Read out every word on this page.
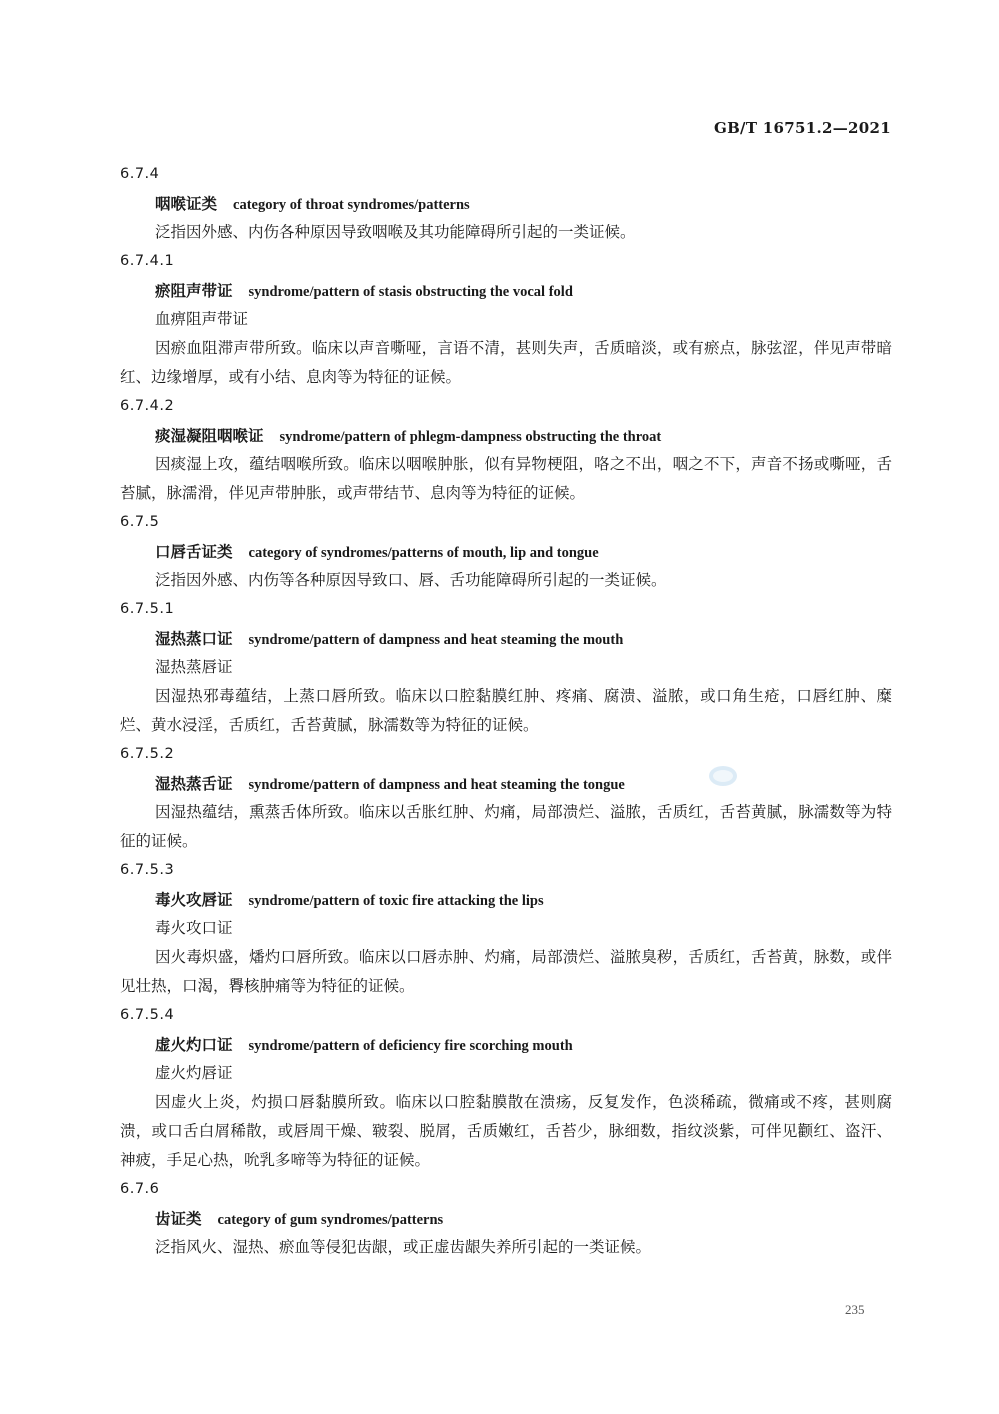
GB/T 16751.2—2021
6.7.4
咽喉证类 category of throat syndromes/patterns

泛指因外感、内伤各种原因导致咽喉及其功能障碍所引起的一类证候。

6.7.4.1
瘀阻声带证 syndrome/pattern of stasis obstructing the vocal fold
血痹阻声带证

因瘀血阻滞声带所致。临床以声音嘶哑，言语不清，甚则失声，舌质暗淡，或有瘀点，脉弦涩，伴见声带暗红、边缘增厚，或有小结、息肉等为特征的证候。

6.7.4.2
痰湿凝阻咽喉证 syndrome/pattern of phlegm-dampness obstructing the throat

因痰湿上攻，蕴结咽喉所致。临床以咽喉肿胀，似有异物梗阻，咯之不出，咽之不下，声音不扬或嘶哑，舌苔腻，脉濡滑，伴见声带肿胀，或声带结节、息肉等为特征的证候。

6.7.5
口唇舌证类 category of syndromes/patterns of mouth, lip and tongue

泛指因外感、内伤等各种原因导致口、唇、舌功能障碍所引起的一类证候。

6.7.5.1
湿热蒸口证 syndrome/pattern of dampness and heat steaming the mouth
湿热蒸唇证

因湿热邪毒蕴结，上蒸口唇所致。临床以口腔黏膜红肿、疼痛、腐溃、溢脓，或口角生疮，口唇红肿、糜烂、黄水浸淫，舌质红，舌苔黄腻，脉濡数等为特征的证候。

6.7.5.2
湿热蒸舌证 syndrome/pattern of dampness and heat steaming the tongue

因湿热蕴结，熏蒸舌体所致。临床以舌胀红肿、灼痛，局部溃烂、溢脓，舌质红，舌苔黄腻，脉濡数等为特征的证候。

6.7.5.3
毒火攻唇证 syndrome/pattern of toxic fire attacking the lips
毒火攻口证

因火毒炽盛，燔灼口唇所致。临床以口唇赤肿、灼痛，局部溃烂、溢脓臭秽，舌质红，舌苔黄，脉数，或伴见壮热，口渴，臖核肿痛等为特征的证候。

6.7.5.4
虚火灼口证 syndrome/pattern of deficiency fire scorching mouth
虚火灼唇证

因虚火上炎，灼损口唇黏膜所致。临床以口腔黏膜散在溃疡，反复发作，色淡稀疏，微痛或不疼，甚则腐溃，或口舌白屑稀散，或唇周干燥、皲裂、脱屑，舌质嫩红，舌苔少，脉细数，指纹淡紫，可伴见颧红、盗汗、神疲，手足心热，吮乳多啼等为特征的证候。

6.7.6
齿证类 category of gum syndromes/patterns

泛指风火、湿热、瘀血等侵犯齿龈，或正虚齿龈失养所引起的一类证候。

235
